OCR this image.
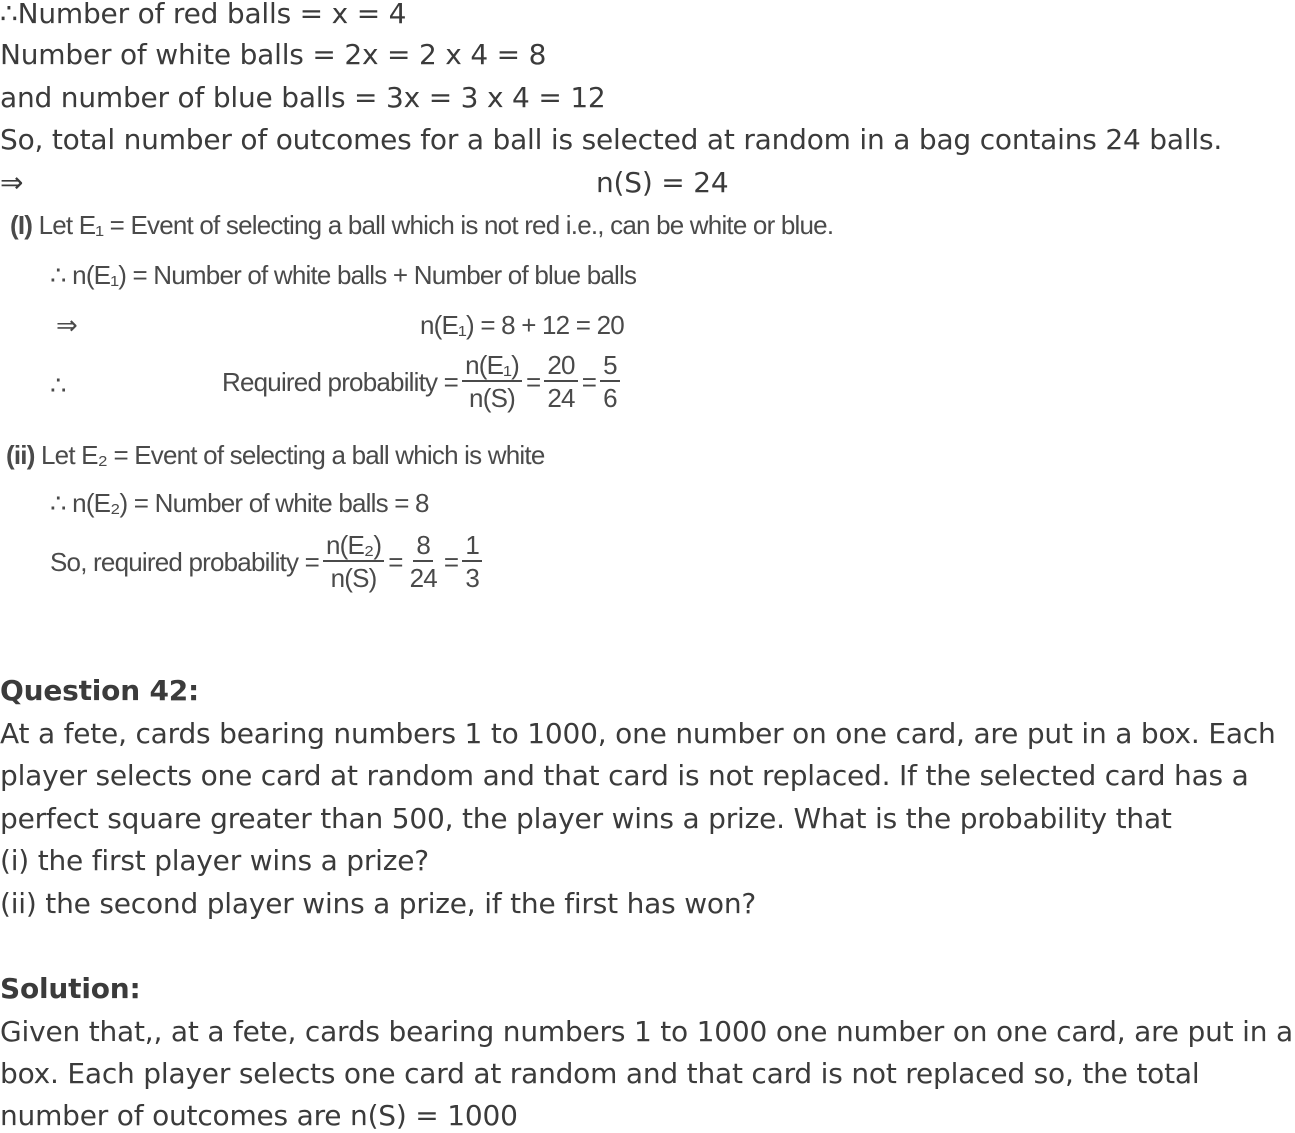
∴Number of red balls = x = 4
Number of white balls = 2x = 2 x 4 = 8
and number of blue balls = 3x = 3 x 4 = 12
So, total number of outcomes for a ball is selected at random in a bag contains 24 balls.
⇒	n(S) = 24
(I) Let E₁ = Event of selecting a ball which is not red i.e., can be white or blue.
∴ n(E₁) = Number of white balls + Number of blue balls
⇒	n(E₁) = 8 + 12 = 20
∴	Required probability = $\frac{\text{n(E₁)}}{n(S)} = \frac{20}{24} = \frac{5}{6}$
(ii) Let E₂ = Event of selecting a ball which is white
∴ n(E₂) = Number of white balls = 8
So, required probability = $\frac{\text{n(E₂)}}{n(S)} = \frac{8}{24} = \frac{1}{3}$
Question 42:
At a fete, cards bearing numbers 1 to 1000, one number on one card, are put in a box. Each
player selects one card at random and that card is not replaced. If the selected card has a
perfect square greater than 500, the player wins a prize. What is the probability that
(i) the first player wins a prize?
(ii) the second player wins a prize, if the first has won?
Solution:
Given that,, at a fete, cards bearing numbers 1 to 1000 one number on one card, are put in a
box. Each player selects one card at random and that card is not replaced so, the total
number of outcomes are n(S) = 1000
